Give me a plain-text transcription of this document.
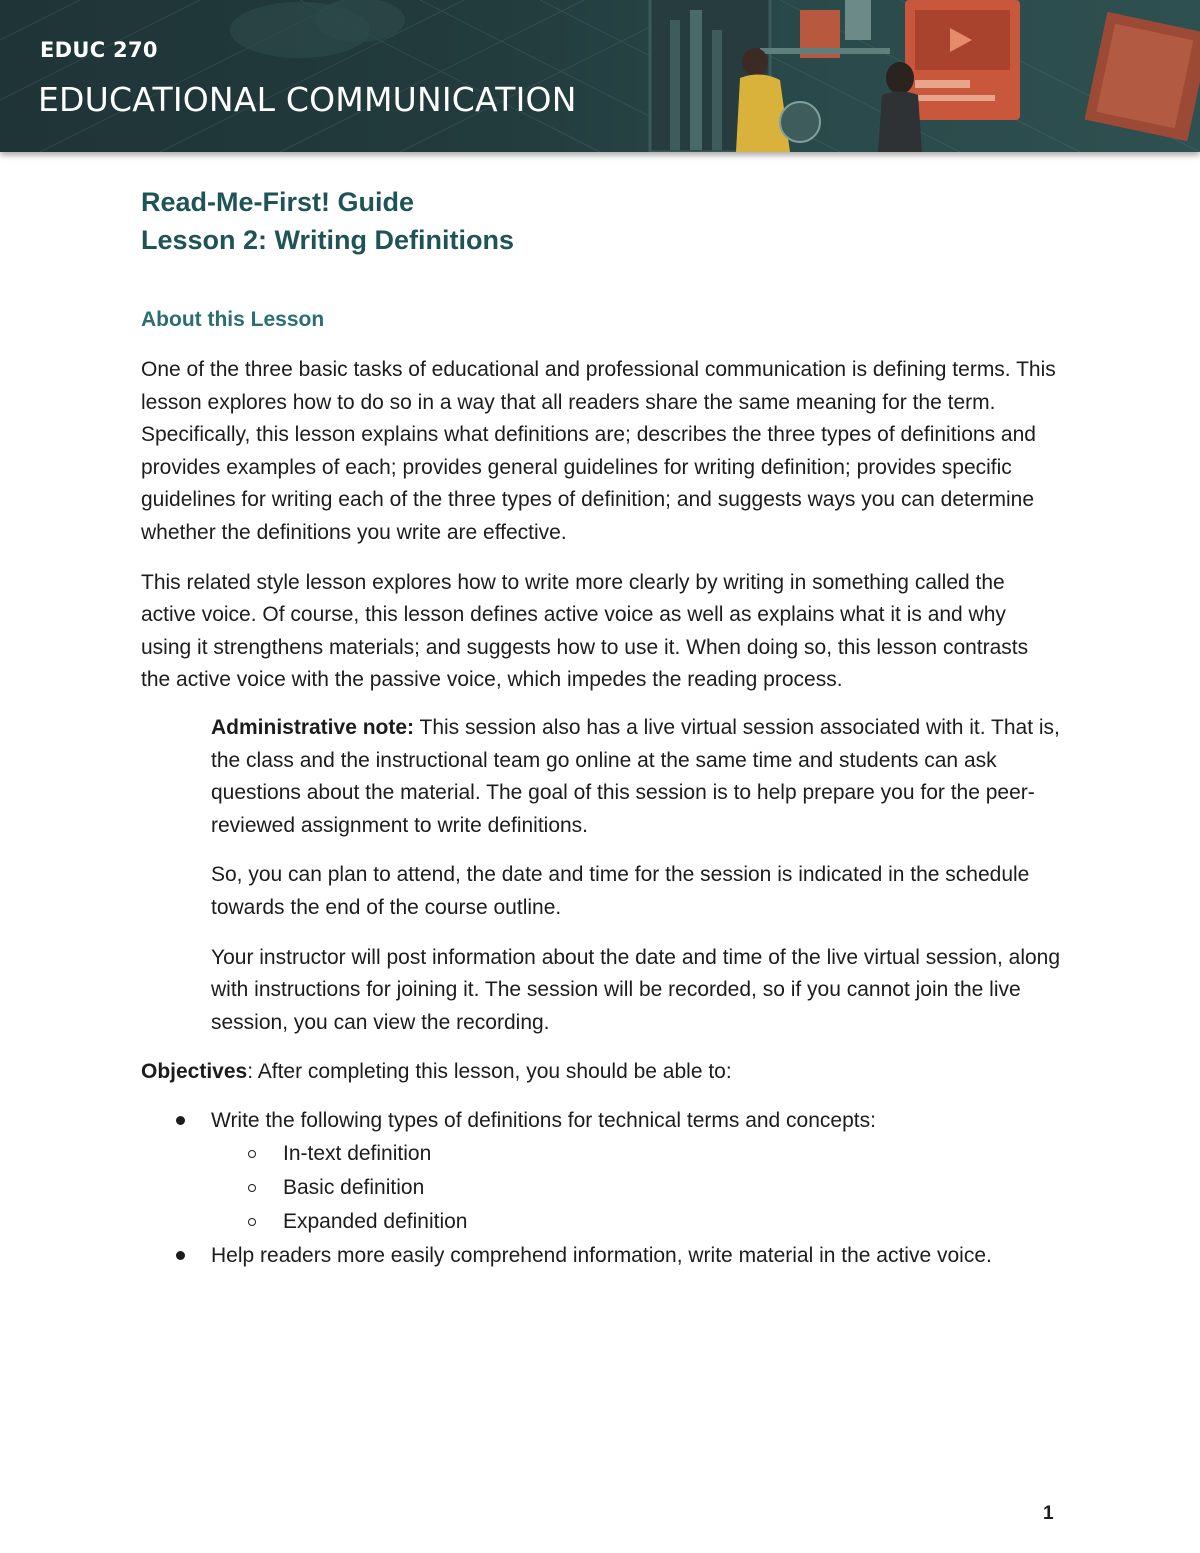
EDUC 270
EDUCATIONAL COMMUNICATION
Read-Me-First! Guide
Lesson 2: Writing Definitions
About this Lesson

One of the three basic tasks of educational and professional communication is defining terms. This lesson explores how to do so in a way that all readers share the same meaning for the term. Specifically, this lesson explains what definitions are; describes the three types of definitions and provides examples of each; provides general guidelines for writing definition; provides specific guidelines for writing each of the three types of definition; and suggests ways you can determine whether the definitions you write are effective.

This related style lesson explores how to write more clearly by writing in something called the active voice. Of course, this lesson defines active voice as well as explains what it is and why using it strengthens materials; and suggests how to use it. When doing so, this lesson contrasts the active voice with the passive voice, which impedes the reading process.

Administrative note: This session also has a live virtual session associated with it. That is, the class and the instructional team go online at the same time and students can ask questions about the material. The goal of this session is to help prepare you for the peer-reviewed assignment to write definitions.

So, you can plan to attend, the date and time for the session is indicated in the schedule towards the end of the course outline.

Your instructor will post information about the date and time of the live virtual session, along with instructions for joining it. The session will be recorded, so if you cannot join the live session, you can view the recording.

Objectives: After completing this lesson, you should be able to:

Write the following types of definitions for technical terms and concepts:
In-text definition
Basic definition
Expanded definition
Help readers more easily comprehend information, write material in the active voice.
1
